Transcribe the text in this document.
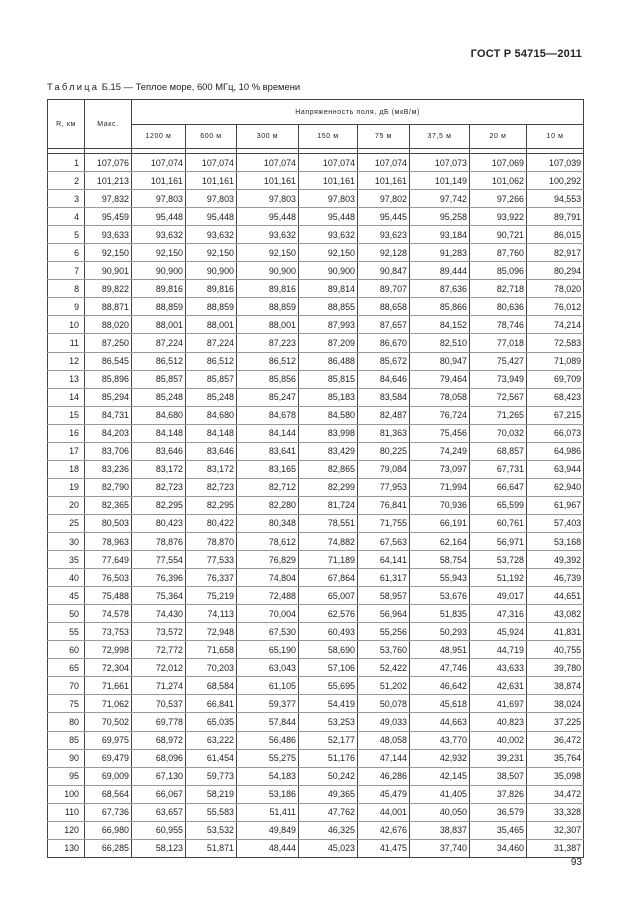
ГОСТ Р 54715—2011
Таблица Б.15 — Теплое море, 600 МГц, 10 % времени
R, км	Макс.	Напряженность поля, дБ (мкВ/м)							
		1200 м	600 м	300 м	150 м	75 м	37,5 м	20 м	10 м

1	107,076	107,074	107,074	107,074	107,074	107,074	107,073	107,069	107,039
2	101,213	101,161	101,161	101,161	101,161	101,161	101,149	101,062	100,292
3	97,832	97,803	97,803	97,803	97,803	97,802	97,742	97,266	94,553
4	95,459	95,448	95,448	95,448	95,448	95,445	95,258	93,922	89,791
5	93,633	93,632	93,632	93,632	93,632	93,623	93,184	90,721	86,015
6	92,150	92,150	92,150	92,150	92,150	92,128	91,283	87,760	82,917
7	90,901	90,900	90,900	90,900	90,900	90,847	89,444	85,096	80,294
8	89,822	89,816	89,816	89,816	89,814	89,707	87,636	82,718	78,020
9	88,871	88,859	88,859	88,859	88,855	88,658	85,866	80,636	76,012
10	88,020	88,001	88,001	88,001	87,993	87,657	84,152	78,746	74,214
11	87,250	87,224	87,224	87,223	87,209	86,670	82,510	77,018	72,583
12	86,545	86,512	86,512	86,512	86,488	85,672	80,947	75,427	71,089
13	85,896	85,857	85,857	85,856	85,815	84,646	79,464	73,949	69,709
14	85,294	85,248	85,248	85,247	85,183	83,584	78,058	72,567	68,423
15	84,731	84,680	84,680	84,678	84,580	82,487	76,724	71,265	67,215
16	84,203	84,148	84,148	84,144	83,998	81,363	75,456	70,032	66,073
17	83,706	83,646	83,646	83,641	83,429	80,225	74,249	68,857	64,986
18	83,236	83,172	83,172	83,165	82,865	79,084	73,097	67,731	63,944
19	82,790	82,723	82,723	82,712	82,299	77,953	71,994	66,647	62,940
20	82,365	82,295	82,295	82,280	81,724	76,841	70,936	65,599	61,967
25	80,503	80,423	80,422	80,348	78,551	71,755	66,191	60,761	57,403
30	78,963	78,876	78,870	78,612	74,882	67,563	62,164	56,971	53,168
35	77,649	77,554	77,533	76,829	71,189	64,141	58,754	53,728	49,392
40	76,503	76,396	76,337	74,804	67,864	61,317	55,943	51,192	46,739
45	75,488	75,364	75,219	72,488	65,007	58,957	53,676	49,017	44,651
50	74,578	74,430	74,113	70,004	62,576	56,964	51,835	47,316	43,082
55	73,753	73,572	72,948	67,530	60,493	55,256	50,293	45,924	41,831
60	72,998	72,772	71,658	65,190	58,690	53,760	48,951	44,719	40,755
65	72,304	72,012	70,203	63,043	57,106	52,422	47,746	43,633	39,780
70	71,661	71,274	68,584	61,105	55,695	51,202	46,642	42,631	38,874
75	71,062	70,537	66,841	59,377	54,419	50,078	45,618	41,697	38,024
80	70,502	69,778	65,035	57,844	53,253	49,033	44,663	40,823	37,225
85	69,975	68,972	63,222	56,486	52,177	48,058	43,770	40,002	36,472
90	69,479	68,096	61,454	55,275	51,176	47,144	42,932	39,231	35,764
95	69,009	67,130	59,773	54,183	50,242	46,286	42,145	38,507	35,098
100	68,564	66,067	58,219	53,186	49,365	45,479	41,405	37,826	34,472
110	67,736	63,657	55,583	51,411	47,762	44,001	40,050	36,579	33,328
120	66,980	60,955	53,532	49,849	46,325	42,676	38,837	35,465	32,307
130	66,285	58,123	51,871	48,444	45,023	41,475	37,740	34,460	31,387
93
